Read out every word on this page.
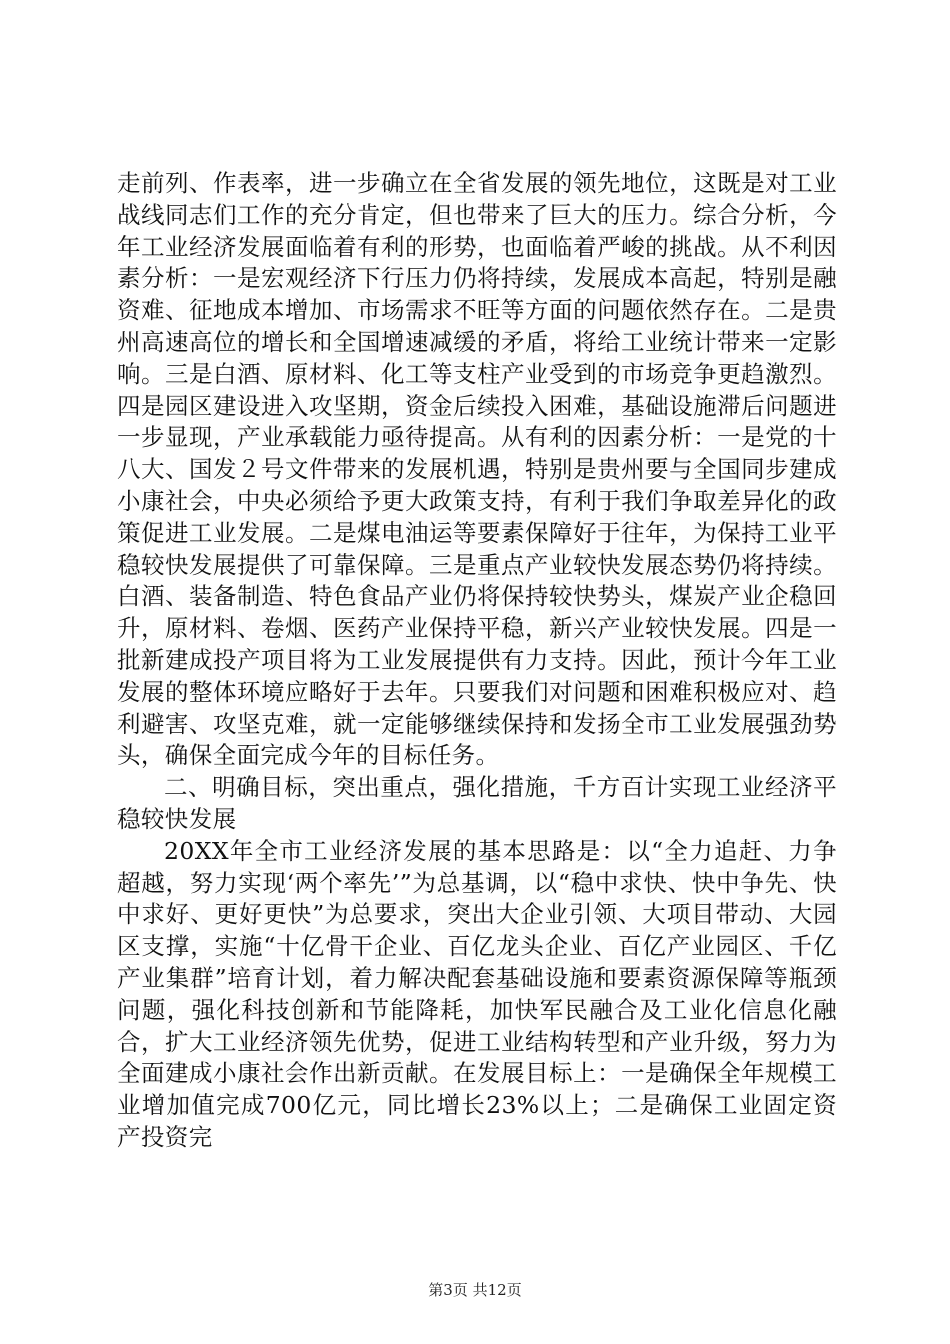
走前列、作表率，进一步确立在全省发展的领先地位，这既是对工业战线同志们工作的充分肯定，但也带来了巨大的压力。综合分析，今年工业经济发展面临着有利的形势，也面临着严峻的挑战。从不利因素分析：一是宏观经济下行压力仍将持续，发展成本高起，特别是融资难、征地成本增加、市场需求不旺等方面的问题依然存在。二是贵州高速高位的增长和全国增速减缓的矛盾，将给工业统计带来一定影响。三是白酒、原材料、化工等支柱产业受到的市场竞争更趋激烈。四是园区建设进入攻坚期，资金后续投入困难，基础设施滞后问题进一步显现，产业承载能力亟待提高。从有利的因素分析：一是党的十八大、国发２号文件带来的发展机遇，特别是贵州要与全国同步建成小康社会，中央必须给予更大政策支持，有利于我们争取差异化的政策促进工业发展。二是煤电油运等要素保障好于往年，为保持工业平稳较快发展提供了可靠保障。三是重点产业较快发展态势仍将持续。白酒、装备制造、特色食品产业仍将保持较快势头，煤炭产业企稳回升，原材料、卷烟、医药产业保持平稳，新兴产业较快发展。四是一批新建成投产项目将为工业发展提供有力支持。因此，预计今年工业发展的整体环境应略好于去年。只要我们对问题和困难积极应对、趋利避害、攻坚克难，就一定能够继续保持和发扬全市工业发展强劲势头，确保全面完成今年的目标任务。

二、明确目标，突出重点，强化措施，千方百计实现工业经济平稳较快发展

20XX年全市工业经济发展的基本思路是：以“全力追赶、力争超越，努力实现‘两个率先’”为总基调，以“稳中求快、快中争先、快中求好、更好更快”为总要求，突出大企业引领、大项目带动、大园区支撑，实施“十亿骨干企业、百亿龙头企业、百亿产业园区、千亿产业集群”培育计划，着力解决配套基础设施和要素资源保障等瓶颈问题，强化科技创新和节能降耗，加快军民融合及工业化信息化融合，扩大工业经济领先优势，促进工业结构转型和产业升级，努力为全面建成小康社会作出新贡献。在发展目标上：一是确保全年规模工业增加值完成700亿元，同比增长23%以上；二是确保工业固定资产投资完

第3页 共12页
